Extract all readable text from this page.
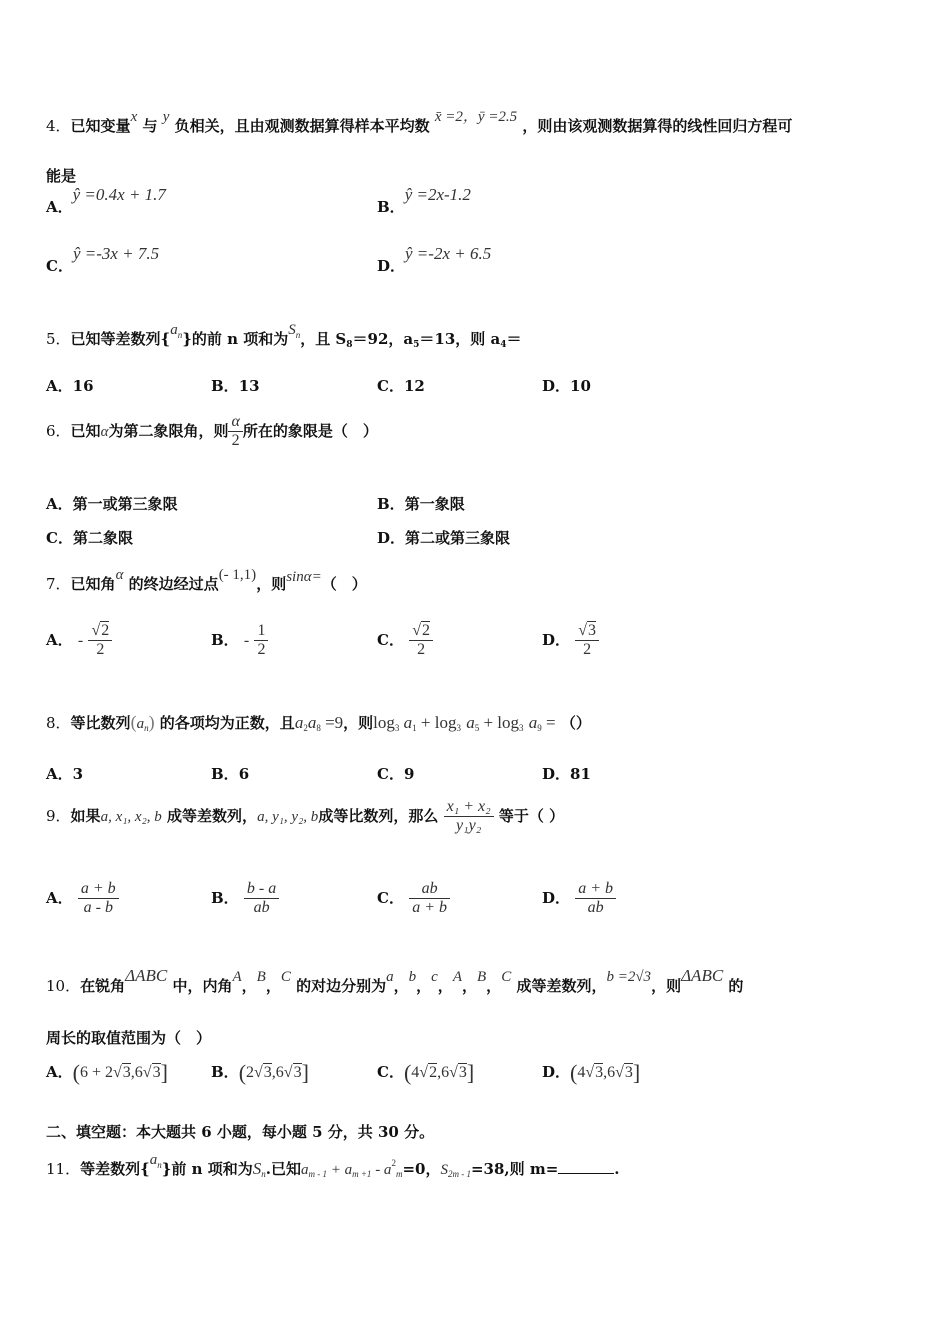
4．已知变量x 与 y 负相关，且由观测数据算得样本平均数 x̄ =2，ȳ =2.5 ，则由该观测数据算得的线性回归方程可
能是
A．ŷ =0.4x + 1.7
B．ŷ =2x-1.2
C．ŷ =-3x + 7.5
D．ŷ =-2x + 6.5
5．已知等差数列$\{a^n\}$的前 n 项和为$S^n$，且 $S_8=92$，$a_5=13$，则 $a_4=$
A．16	B．13	C．12	D．10
6．已知α为第二象限角，则 $\frac{\alpha}{2}$ 所在的象限是（　）
A．第一或第三象限	B．第一象限
C．第二象限	D．第二或第三象限
7．已知角α 的终边经过点(- 1,1)，则sinα=（　）
A． - $\frac{√2}{2}$	B． - $\frac{1}{2}$	C． $\frac{√2}{2}$	D． $\frac{√3}{2}$
8．等比数列$(a_n)$ 的各项均为正数，且$a_2a_8 =9$，则$\log_3 a_1 + \log_3 a_5 + \log_3 a_9$ = （）
A．3	B．6	C．9	D．81
9．如果a, x₁, x₂, b 成等差数列，a, y₁, y₂, b成等比数列，那么 $\frac{\text{x₁ + x₂}}{\text{y₁y₂}}$ 等于（ ）
A． $\frac{a + b}{a - b}$	B． $\frac{b - a}{ab}$	C． $\frac{ab}{a + b}$	D． $\frac{a + b}{ab}$
10．在锐角ΔABC 中，内角A，B，C 的对边分别为a，b，c，A，B，C 成等差数列，b =2√3，则ΔABC 的
周长的取值范围为（　）
A．(6 + 2√3,6√3]	B．(2√3,6√3]	C．(4√2,6√3]	D．(4√3,6√3]
二、填空题：本大题共 6 小题，每小题 5 分，共 30 分。
11．等差数列$\{a^n\}$前 n 项和为$S_n$.已知$a_{m - 1} + a_{m +1} - a^2_m=0$，$S_{2m - 1}=38$,则 m=	.
